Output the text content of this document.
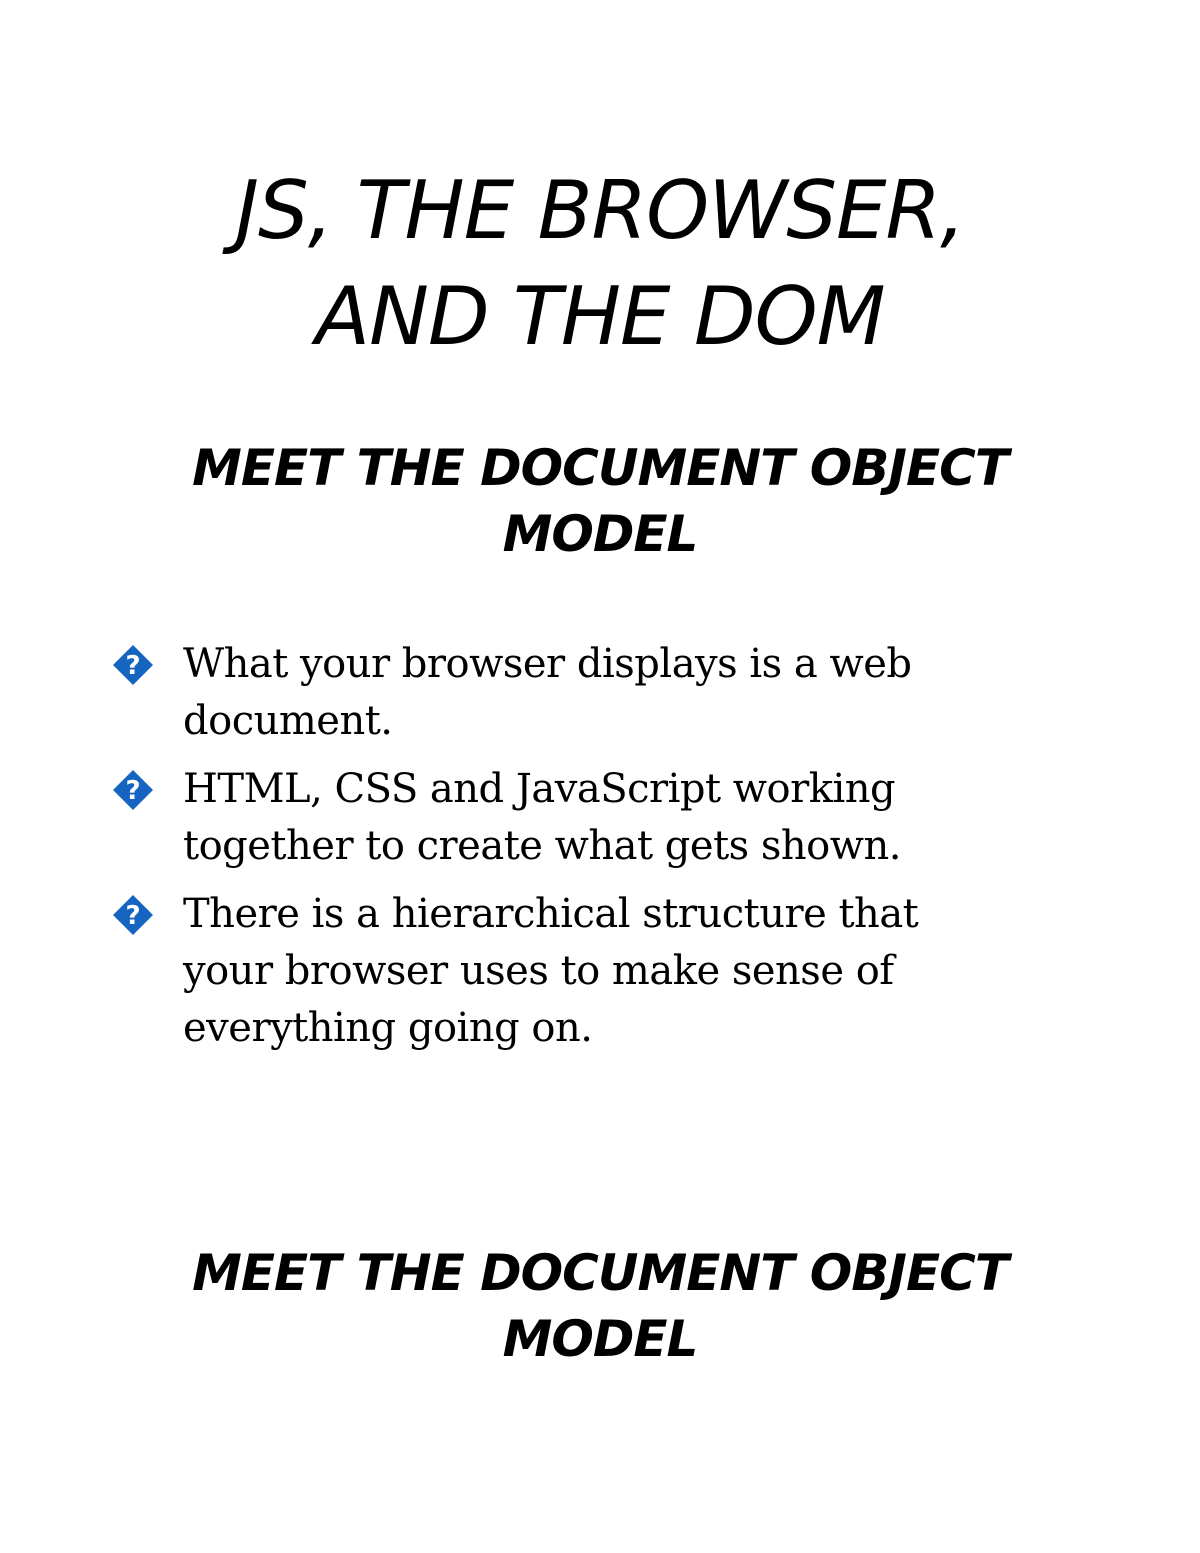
JS, THE BROWSER,
AND THE DOM
MEET THE DOCUMENT OBJECT
MODEL
? What your browser displays is a web document.
? HTML, CSS and JavaScript working together to create what gets shown.
? There is a hierarchical structure that your browser uses to make sense of everything going on.
MEET THE DOCUMENT OBJECT
MODEL
